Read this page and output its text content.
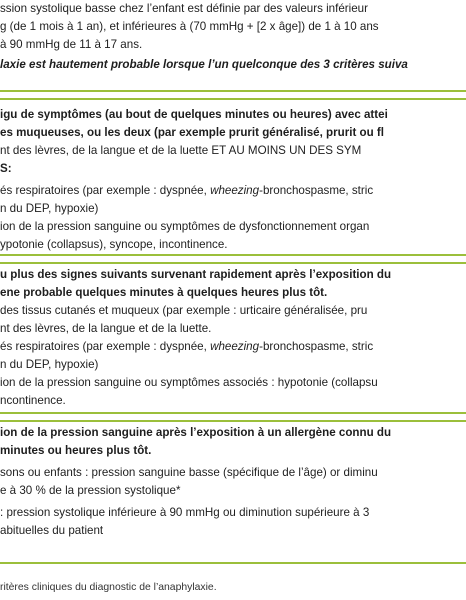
ssion systolique basse chez l’enfant est définie par des valeurs inférieur
g (de 1 mois à 1 an), et inférieures à (70 mmHg + [2 x âge]) de 1 à 10 ans
à 90 mmHg de 11 à 17 ans.
laxie est hautement probable lorsque l’un quelconque des 3 critères suiva
igu de symptômes (au bout de quelques minutes ou heures) avec attei
es muqueuses, ou les deux (par exemple prurit généralisé, prurit ou fl
nt des lèvres, de la langue et de la luette ET AU MOINS UN DES SYM
S:
és respiratoires (par exemple : dyspnée, wheezing-bronchospasme, stric
n du DEP, hypoxie)
ion de la pression sanguine ou symptômes de dysfonctionnement organ
ypotonie (collapsus), syncope, incontinence.
u plus des signes suivants survenant rapidement après l’exposition du
ene probable quelques minutes à quelques heures plus tôt.
des tissus cutanés et muqueux (par exemple : urticaire généralisée, pru
nt des lèvres, de la langue et de la luette.
és respiratoires (par exemple : dyspnée, wheezing-bronchospasme, stric
n du DEP, hypoxie)
ion de la pression sanguine ou symptômes associés : hypotonie (collapsu
ncontinence.
ion de la pression sanguine après l’exposition à un allergène connu du
minutes ou heures plus tôt.
sons ou enfants : pression sanguine basse (spécifique de l’âge) or diminu
e à 30 % de la pression systolique*
: pression systolique inférieure à 90 mmHg ou diminution supérieure à 3
abituelles du patient
ritères cliniques du diagnostic de l’anaphylaxie.
